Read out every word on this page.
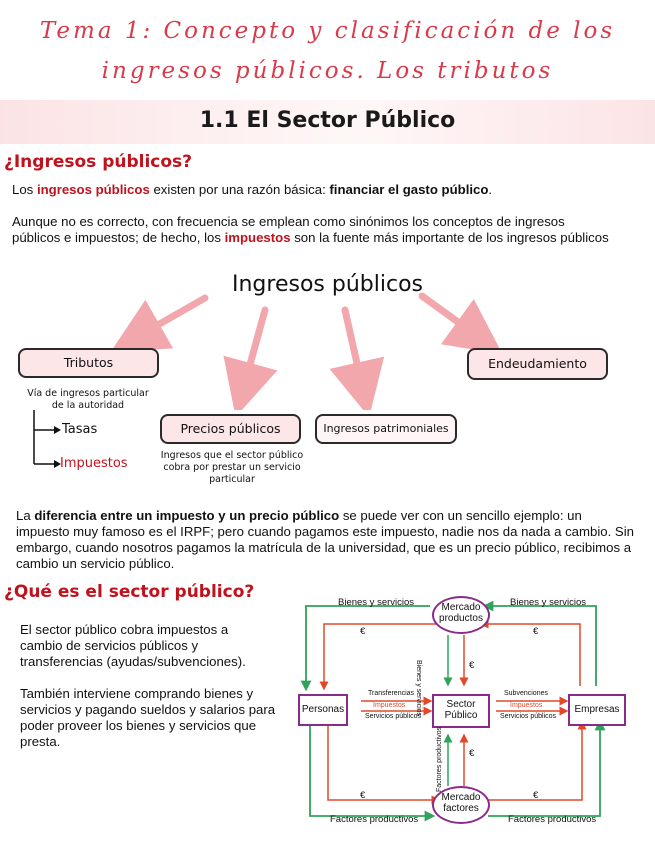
Tema 1: Concepto y clasificación de los
ingresos públicos. Los tributos
1.1 El Sector Público
¿Ingresos públicos?
Los ingresos públicos existen por una razón básica: financiar el gasto público.
Aunque no es correcto, con frecuencia se emplean como sinónimos los conceptos de ingresos públicos e impuestos; de hecho, los impuestos son la fuente más importante de los ingresos públicos
Ingresos públicos
Tributos
Vía de ingresos particular de la autoridad
Tasas
Impuestos
Precios públicos
Ingresos que el sector público cobra por prestar un servicio particular
Ingresos patrimoniales
Endeudamiento
La diferencia entre un impuesto y un precio público se puede ver con un sencillo ejemplo: un impuesto muy famoso es el IRPF; pero cuando pagamos este impuesto, nadie nos da nada a cambio. Sin embargo, cuando nosotros pagamos la matrícula de la universidad, que es un precio público, recibimos a cambio un servicio público.
¿Qué es el sector público?
El sector público cobra impuestos a cambio de servicios públicos y transferencias (ayudas/subvenciones).
También interviene comprando bienes y servicios y pagando sueldos y salarios para poder proveer los bienes y servicios que presta.
Mercado productos
Mercado factores
Personas	Sector Público
Empresas
Bienes y servicios	Bienes y servicios
Factores productivos	Factores productivos
€	€
€	€
€
€
Transferencias
Impuestos
Servicios públicos
Subvenciones
Impuestos
Servicios públicos
Bienes y servicios
Factores productivos
